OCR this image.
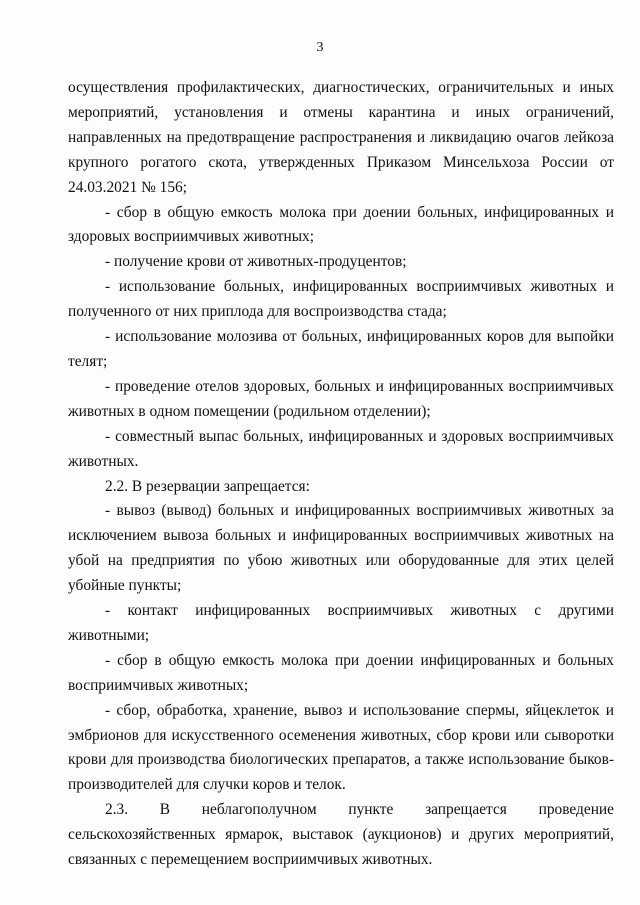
3

осуществления профилактических, диагностических, ограничительных и иных мероприятий, установления и отмены карантина и иных ограничений, направленных на предотвращение распространения и ликвидацию очагов лейкоза крупного рогатого скота, утвержденных Приказом Минсельхоза России от 24.03.2021 № 156;

- сбор в общую емкость молока при доении больных, инфицированных и здоровых восприимчивых животных;

- получение крови от животных-продуцентов;

- использование больных, инфицированных восприимчивых животных и полученного от них приплода для воспроизводства стада;

- использование молозива от больных, инфицированных коров для выпойки телят;

- проведение отелов здоровых, больных и инфицированных восприимчивых животных в одном помещении (родильном отделении);

- совместный выпас больных, инфицированных и здоровых восприимчивых животных.

2.2. В резервации запрещается:

- вывоз (вывод) больных и инфицированных восприимчивых животных за исключением вывоза больных и инфицированных восприимчивых животных на убой на предприятия по убою животных или оборудованные для этих целей убойные пункты;

- контакт инфицированных восприимчивых животных с другими животными;

- сбор в общую емкость молока при доении инфицированных и больных восприимчивых животных;

- сбор, обработка, хранение, вывоз и использование спермы, яйцеклеток и эмбрионов для искусственного осеменения животных, сбор крови или сыворотки крови для производства биологических препаратов, а также использование быков-производителей для случки коров и телок.

2.3. В неблагополучном пункте запрещается проведение сельскохозяйственных ярмарок, выставок (аукционов) и других мероприятий, связанных с перемещением восприимчивых животных.
